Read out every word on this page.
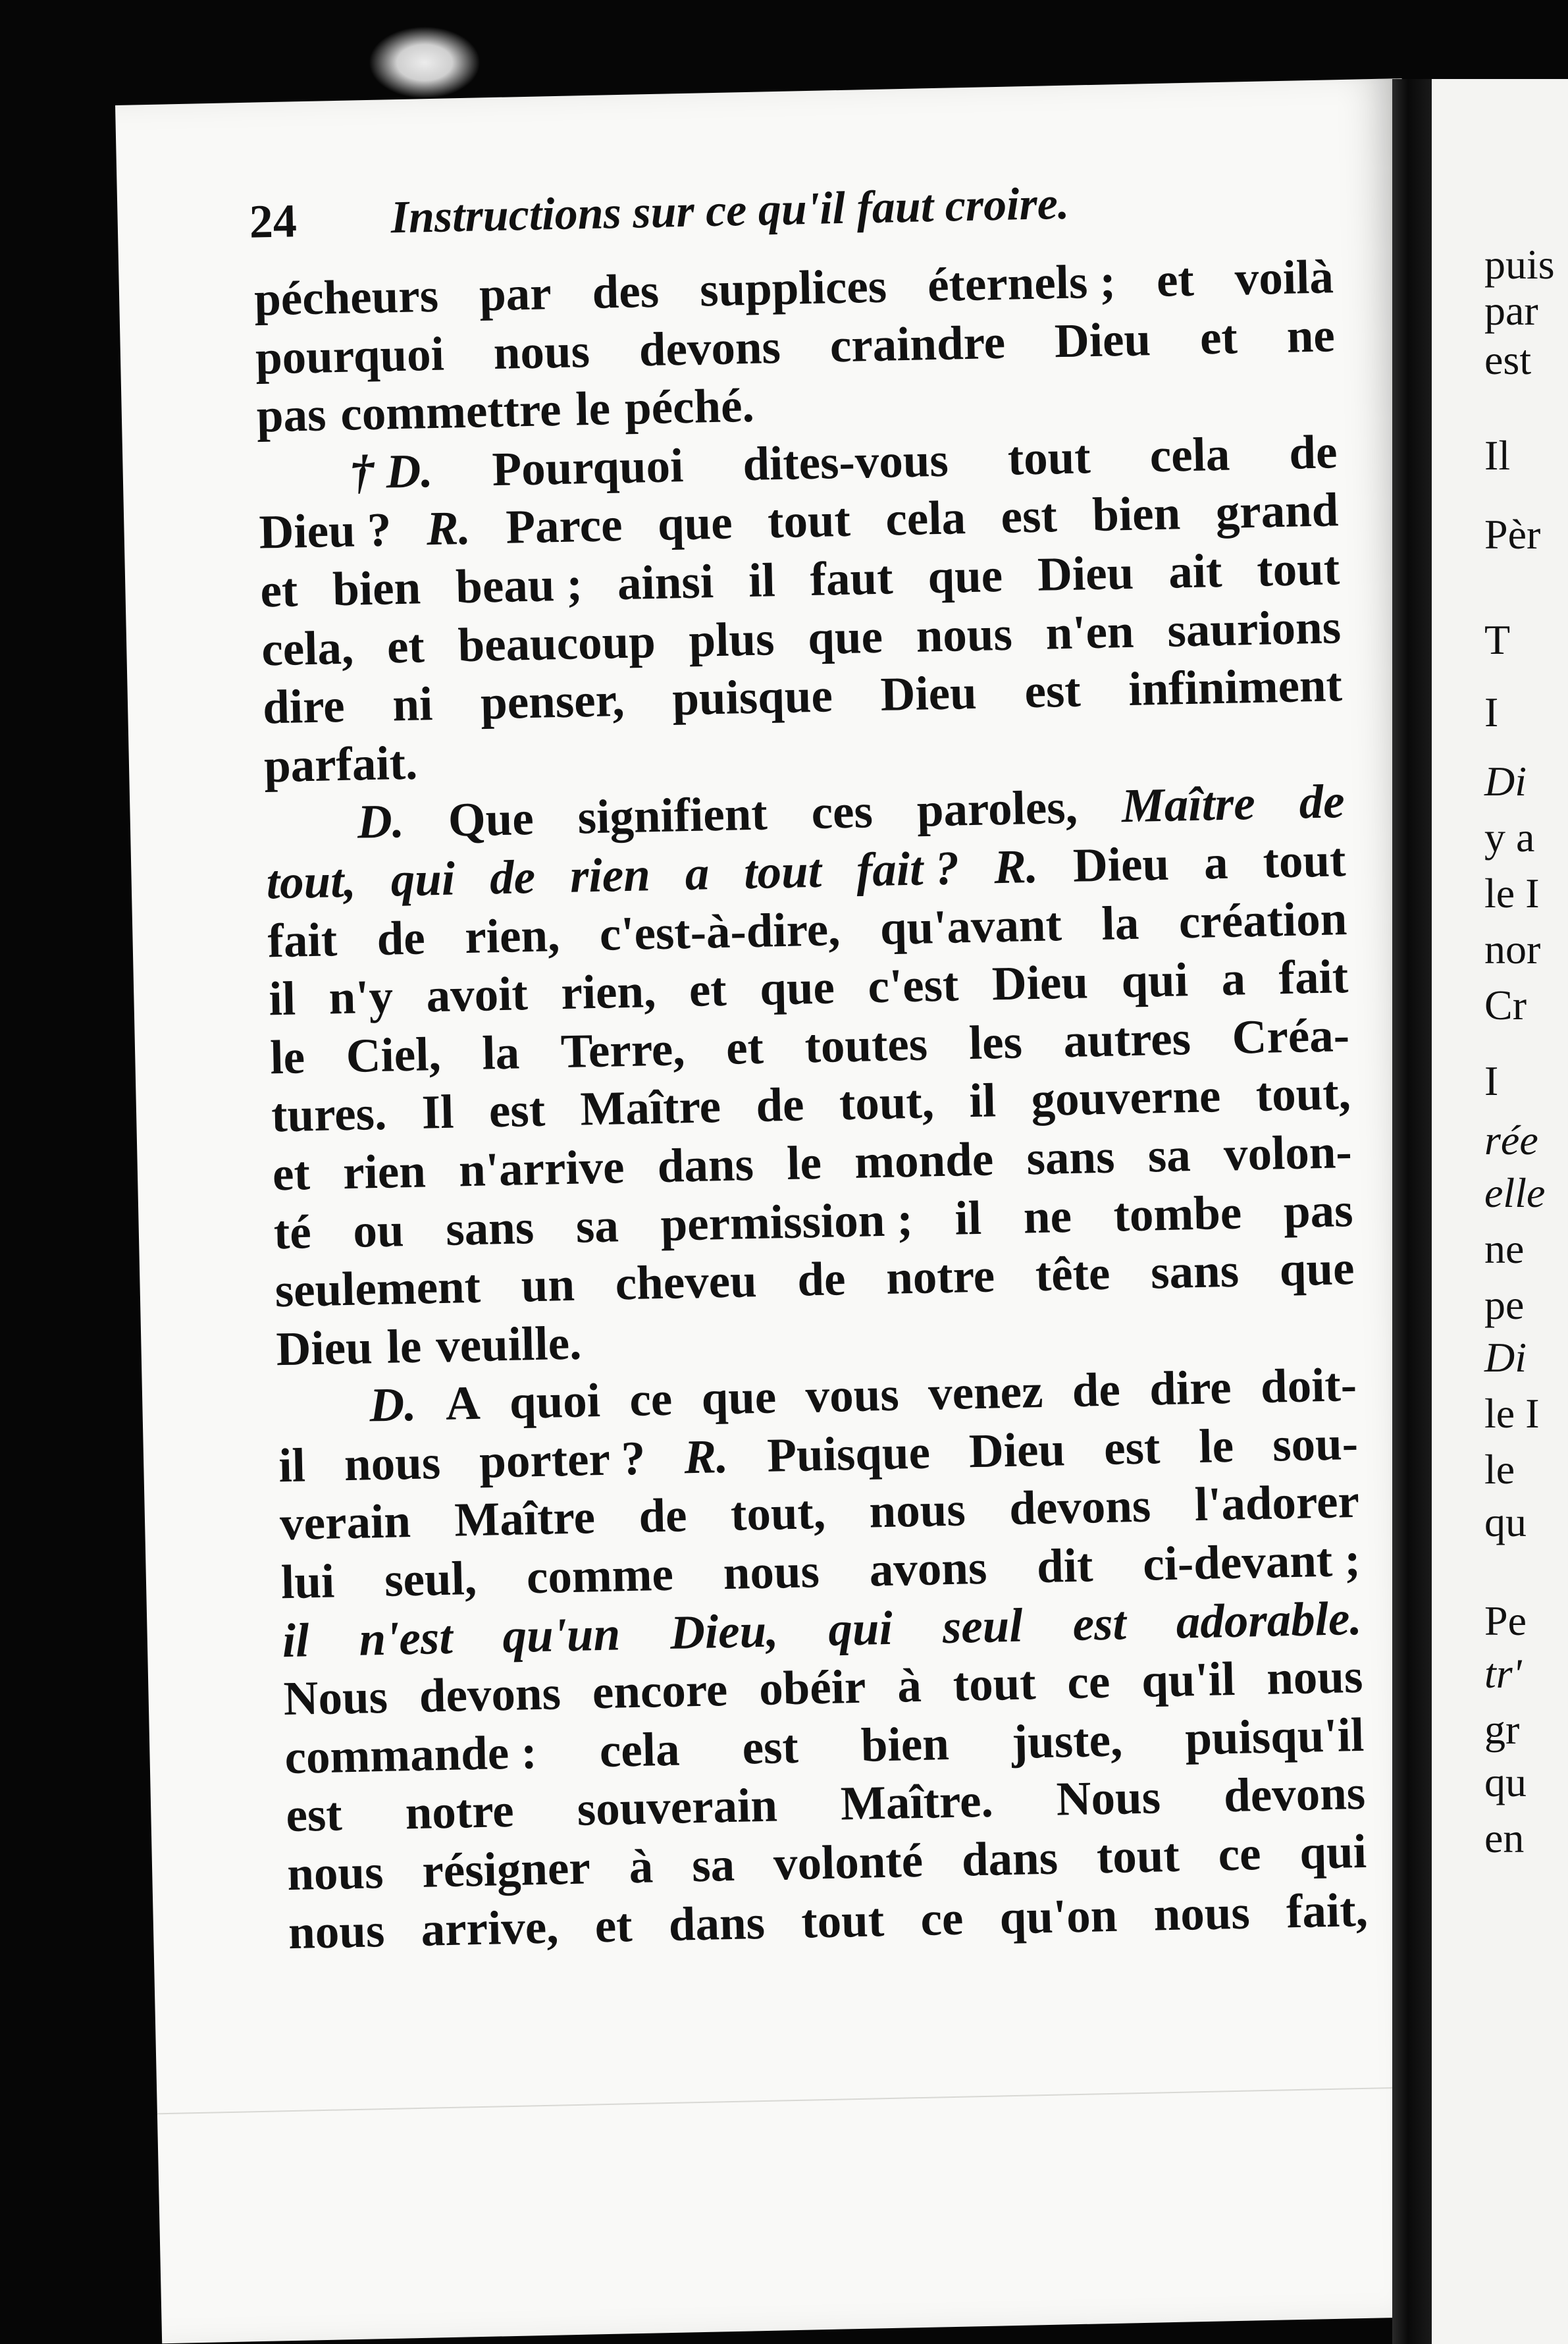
24 Instructions sur ce qu'il faut croire.
pécheurs par des supplices éternels ; et voilà
pourquoi nous devons craindre Dieu et ne
pas commettre le péché.
† D. Pourquoi dites-vous tout cela de
Dieu ? R. Parce que tout cela est bien grand
et bien beau ; ainsi il faut que Dieu ait tout
cela, et beaucoup plus que nous n'en saurions
dire ni penser, puisque Dieu est infiniment
parfait.
D. Que signifient ces paroles, Maître de
tout, qui de rien a tout fait ? R. Dieu a tout
fait de rien, c'est-à-dire, qu'avant la création
il n'y avoit rien, et que c'est Dieu qui a fait
le Ciel, la Terre, et toutes les autres Créa-
tures. Il est Maître de tout, il gouverne tout,
et rien n'arrive dans le monde sans sa volon-
té ou sans sa permission ; il ne tombe pas
seulement un cheveu de notre tête sans que
Dieu le veuille.
D. A quoi ce que vous venez de dire doit-
il nous porter ? R. Puisque Dieu est le sou-
verain Maître de tout, nous devons l'adorer
lui seul, comme nous avons dit ci-devant ;
il n'est qu'un Dieu, qui seul est adorable.
Nous devons encore obéir à tout ce qu'il nous
commande : cela est bien juste, puisqu'il
est notre souverain Maître. Nous devons
nous résigner à sa volonté dans tout ce qui
nous arrive, et dans tout ce qu'on nous fait,
puis
par
est
Il
Pèr
T
I
Di
y a
le I
nor
Cr
I
rée
elle
ne
pe
Di
le I
le
qu
Pe
tr'
gr
qu
en
